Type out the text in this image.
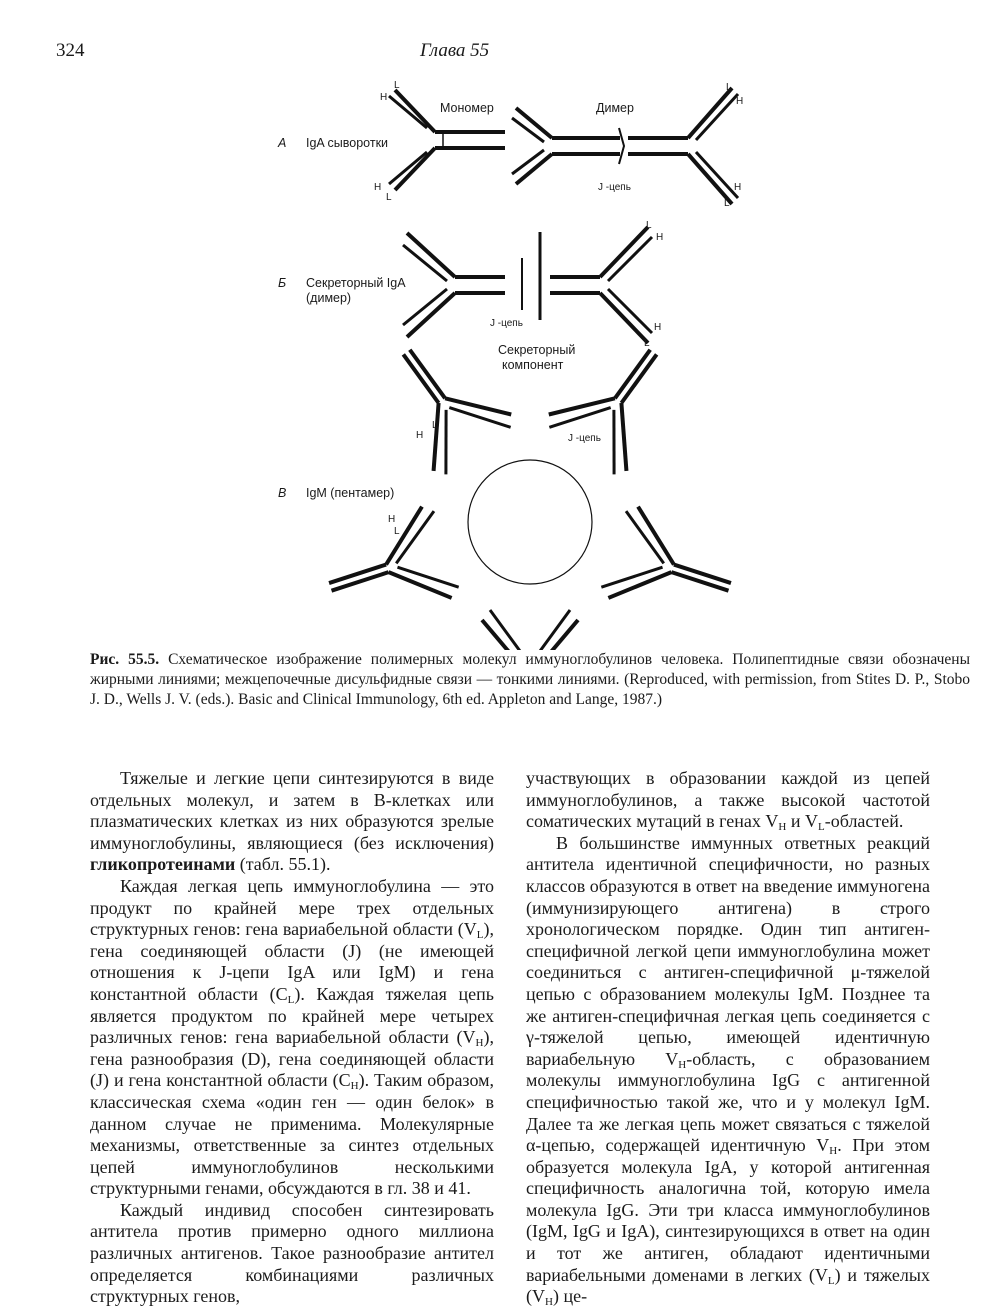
324	Глава 55
А IgA сыворотки
Мономер	Димер
J -цепь
H
L
H
L
L
H
H
L
Б Секреторный IgA
(димер)
J -цепь
Секреторный
компонент
L
H
H
L
В IgM (пентамер)
J -цепь
H
L
H
L
Рис. 55.5. Схематическое изображение полимерных молекул иммуноглобулинов человека. Полипептидные связи обозначены жирными линиями; межцепочечные дисульфидные связи — тонкими линиями. (Reproduced, with permission, from Stites D. P., Stobo J. D., Wells J. V. (eds.). Basic and Clinical Immunology, 6th ed. Appleton and Lange, 1987.)

Тяжелые и легкие цепи синтезируются в виде отдельных молекул, и затем в В-клетках или плазматических клетках из них образуются зрелые иммуноглобулины, являющиеся (без исключения) гликопротеинами (табл. 55.1).

Каждая легкая цепь иммуноглобулина — это продукт по крайней мере трех отдельных структурных генов: гена вариабельной области $(V_L)$, гена соединяющей области (J) (не имеющей отношения к J-цепи IgA или IgM) и гена константной области $(C_L)$. Каждая тяжелая цепь является продуктом по крайней мере четырех различных генов: гена вариабельной области $(V_H)$, гена разнообразия (D), гена соединяющей области (J) и гена константной области $(C_H)$. Таким образом, классическая схема «один ген — один белок» в данном случае не применима. Молекулярные механизмы, ответственные за синтез отдельных цепей иммуноглобулинов несколькими структурными генами, обсуждаются в гл. 38 и 41.

Каждый индивид способен синтезировать антитела против примерно одного миллиона различных антигенов. Такое разнообразие антител определяется комбинациями различных структурных генов,

участвующих в образовании каждой из цепей иммуноглобулинов, а также высокой частотой соматических мутаций в генах $V_H$ и $V_L$-областей.

В большинстве иммунных ответных реакций антитела идентичной специфичности, но разных классов образуются в ответ на введение иммуногена (иммунизирующего антигена) в строго хронологическом порядке. Один тип антиген-специфичной легкой цепи иммуноглобулина может соединиться с антиген-специфичной μ-тяжелой цепью с образованием молекулы IgM. Позднее та же антиген-специфичная легкая цепь соединяется с γ-тяжелой цепью, имеющей идентичную вариабельную $V_H$-область, с образованием молекулы иммуноглобулина IgG с антигенной специфичностью такой же, что и у молекул IgM. Далее та же легкая цепь может связаться с тяжелой α-цепью, содержащей идентичную $V_H$. При этом образуется молекула IgA, у которой антигенная специфичность аналогична той, которую имела молекула IgG. Эти три класса иммуноглобулинов (IgM, IgG и IgA), синтезирующихся в ответ на один и тот же антиген, обладают идентичными вариабельными доменами в легких $(V_L)$ и тяжелых $(V_H)$ це-
